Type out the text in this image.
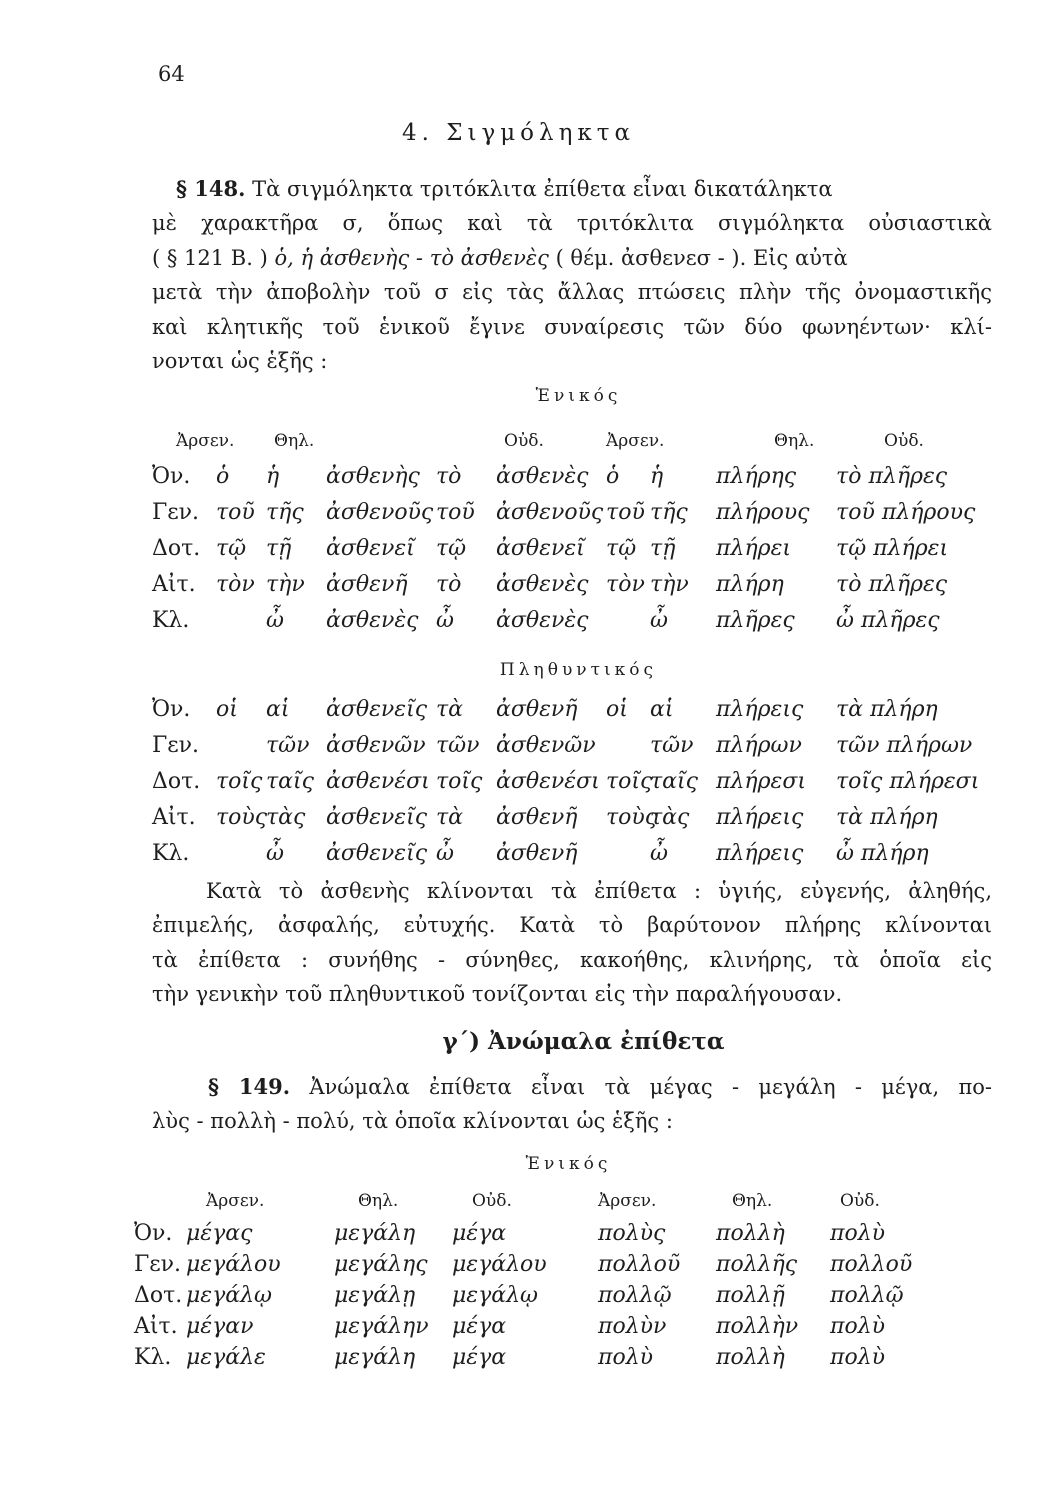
64
4. Σιγμόληκτα
§ 148. Τὰ σιγμόληκτα τριτόκλιτα ἐπίθετα εἶναι δικατάληκτα
μὲ χαρακτῆρα σ, ὅπως καὶ τὰ τριτόκλιτα σιγμόληκτα οὐσιαστικὰ
( § 121 Β. ) ὁ, ἡ ἀσθενὴς - τὸ ἀσθενὲς ( θέμ. ἀσθενεσ - ). Εἰς αὐτὰ
μετὰ τὴν ἀποβολὴν τοῦ σ εἰς τὰς ἄλλας πτώσεις πλὴν τῆς ὀνομαστικῆς
καὶ κλητικῆς τοῦ ἑνικοῦ ἔγινε συναίρεσις τῶν δύο φωνηέντων· κλί-
νονται ὡς ἑξῆς :
Ἑνικός
Ἀρσεν.		Θηλ.		Οὐδ.		Ἀρσεν.		Θηλ.	Οὐδ.
Ὀν.	ὁ	ἡ	ἀσθενὴς	τὸ	ἀσθενὲς	ὁ	ἡ	πλήρης	τὸ πλῆρες
Γεν.	τοῦ	τῆς	ἀσθενοῦς	τοῦ	ἀσθενοῦς	τοῦ	τῆς	πλήρους	τοῦ πλήρους
Δοτ.	τῷ	τῇ	ἀσθενεῖ	τῷ	ἀσθενεῖ	τῷ	τῇ	πλήρει	τῷ πλήρει
Αἰτ.	τὸν	τὴν	ἀσθενῆ	τὸ	ἀσθενὲς	τὸν	τὴν	πλήρη	τὸ πλῆρες
Κλ.		ὦ	ἀσθενὲς	ὦ	ἀσθενὲς		ὦ	πλῆρες	ὦ πλῆρες
Πληθυντικός
Ὀν.	οἱ	αἱ	ἀσθενεῖς	τὰ	ἀσθενῆ	οἱ	αἱ	πλήρεις	τὰ πλήρη
Γεν.		τῶν	ἀσθενῶν	τῶν	ἀσθενῶν		τῶν	πλήρων	τῶν πλήρων
Δοτ.	τοῖς	ταῖς	ἀσθενέσι	τοῖς	ἀσθενέσι	τοῖς	ταῖς	πλήρεσι	τοῖς πλήρεσι
Αἰτ.	τοὺς	τὰς	ἀσθενεῖς	τὰ	ἀσθενῆ	τοὺς	τὰς	πλήρεις	τὰ πλήρη
Κλ.		ὦ	ἀσθενεῖς	ὦ	ἀσθενῆ		ὦ	πλήρεις	ὦ πλήρη
Κατὰ τὸ ἀσθενὴς κλίνονται τὰ ἐπίθετα : ὑγιής, εὐγενής, ἀληθής,
ἐπιμελής, ἀσφαλής, εὐτυχής. Κατὰ τὸ βαρύτονον πλήρης κλίνονται
τὰ ἐπίθετα : συνήθης - σύνηθες, κακοήθης, κλινήρης, τὰ ὁποῖα εἰς
τὴν γενικὴν τοῦ πληθυντικοῦ τονίζονται εἰς τὴν παραλήγουσαν.
γ΄) Ἀνώμαλα ἐπίθετα
§ 149. Ἀνώμαλα ἐπίθετα εἶναι τὰ μέγας - μεγάλη - μέγα, πο-
λὺς - πολλὴ - πολύ, τὰ ὁποῖα κλίνονται ὡς ἑξῆς :
Ἑνικός
	Ἀρσεν.	Θηλ.	Οὐδ.	Ἀρσεν.	Θηλ.	Οὐδ.
Ὀν.	μέγας	μεγάλη	μέγα	πολὺς	πολλὴ	πολὺ
Γεν.	μεγάλου	μεγάλης	μεγάλου	πολλοῦ	πολλῆς	πολλοῦ
Δοτ.	μεγάλῳ	μεγάλῃ	μεγάλῳ	πολλῷ	πολλῇ	πολλῷ
Αἰτ.	μέγαν	μεγάλην	μέγα	πολὺν	πολλὴν	πολὺ
Κλ.	μεγάλε	μεγάλη	μέγα	πολὺ	πολλὴ	πολὺ
